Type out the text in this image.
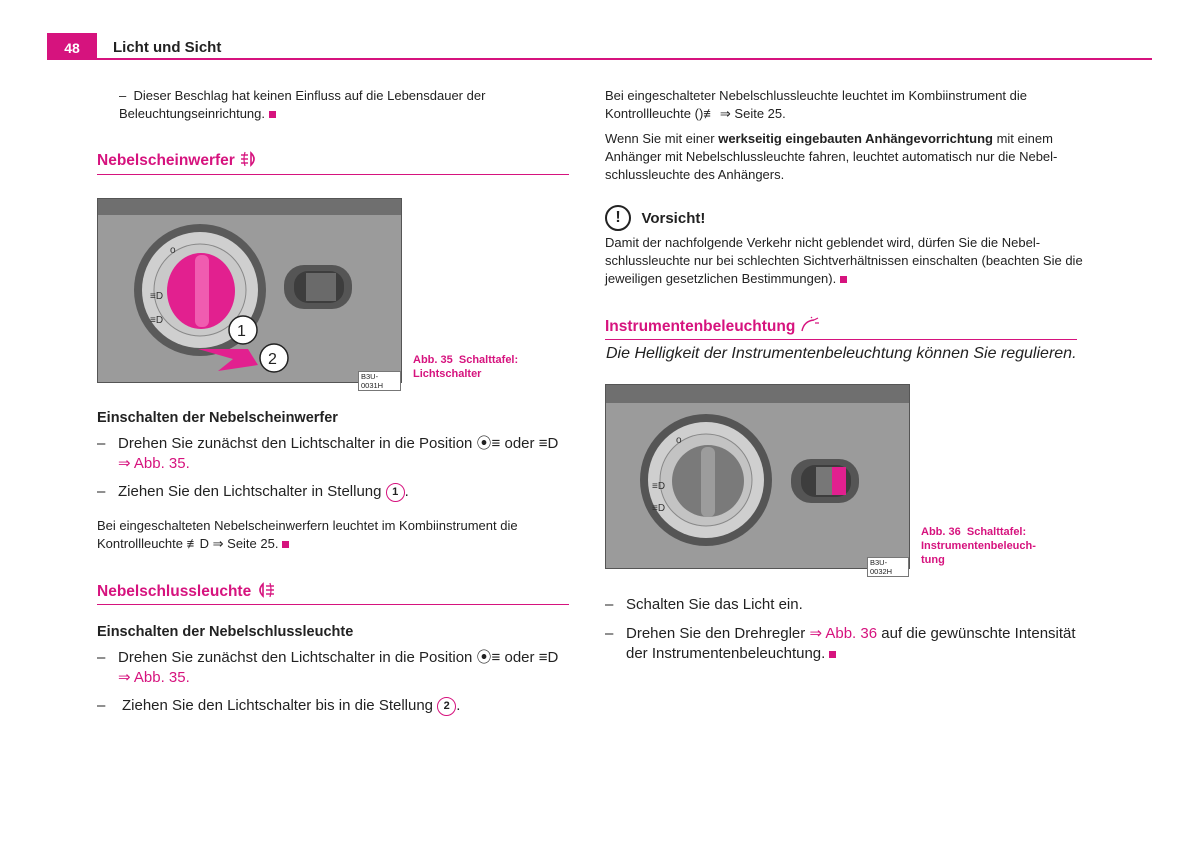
48	Licht und Sicht
– Dieser Beschlag hat keinen Einfluss auf die Lebensdauer der
Beleuchtungseinrichtung.
Nebelscheinwerfer
o
≡D
≡D
1
2
B3U-0031H
Abb. 35 Schalttafel:
Lichtschalter
Einschalten der Nebelscheinwerfer
– Drehen Sie zunächst den Lichtschalter in die Position ⦿≡ oder ≡D
⇒ Abb. 35.
– Ziehen Sie den Lichtschalter in Stellung 1 .
Bei eingeschalteten Nebelscheinwerfern leuchtet im Kombiinstrument die
Kontrollleuchte ≢D ⇒ Seite 25.
Nebelschlussleuchte
Einschalten der Nebelschlussleuchte
– Drehen Sie zunächst den Lichtschalter in die Position ⦿≡ oder ≡D
⇒ Abb. 35.
– Ziehen Sie den Lichtschalter bis in die Stellung 2 .
Bei eingeschalteter Nebelschlussleuchte leuchtet im Kombiinstrument die
Kontrollleuchte ()≢ ⇒ Seite 25.
Wenn Sie mit einer werkseitig eingebauten Anhängevorrichtung mit einem
Anhänger mit Nebelschlussleuchte fahren, leuchtet automatisch nur die Nebel-
schlussleuchte des Anhängers.
! Vorsicht!
Damit der nachfolgende Verkehr nicht geblendet wird, dürfen Sie die Nebel-
schlussleuchte nur bei schlechten Sichtverhältnissen einschalten (beachten Sie die
jeweiligen gesetzlichen Bestimmungen).
Instrumentenbeleuchtung
Die Helligkeit der Instrumentenbeleuchtung können Sie regulieren.
o
≡D
≡D
B3U-0032H
Abb. 36 Schalttafel:
Instrumentenbeleuch-
tung
– Schalten Sie das Licht ein.
– Drehen Sie den Drehregler ⇒ Abb. 36 auf die gewünschte Intensität
der Instrumentenbeleuchtung.
